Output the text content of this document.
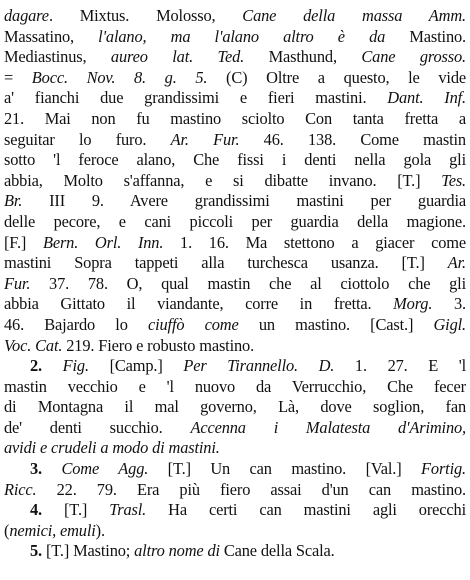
dagare. Mixtus. Molosso, Cane della massa Amm.
Massatino, l'alano, ma l'alano altro è da Mastino.
Mediastinus, aureo lat. Ted. Masthund, Cane grosso.
= Bocc. Nov. 8. g. 5. (C) Oltre a questo, le vide
a' fianchi due grandissimi e fieri mastini. Dant. Inf.
21. Mai non fu mastino sciolto Con tanta fretta a
seguitar lo furo. Ar. Fur. 46. 138. Come mastin
sotto 'l feroce alano, Che fissi i denti nella gola gli
abbia, Molto s'affanna, e si dibatte invano. [T.] Tes.
Br. III 9. Avere grandissimi mastini per guardia
delle pecore, e cani piccoli per guardia della magione.
[F.] Bern. Orl. Inn. 1. 16. Ma stettono a giacer come
mastini Sopra tappeti alla turchesca usanza. [T.] Ar.
Fur. 37. 78. O, qual mastin che al ciottolo che gli
abbia Gittato il viandante, corre in fretta. Morg. 3.
46. Bajardo lo ciuffò come un mastino. [Cast.] Gigl.
Voc. Cat. 219. Fiero e robusto mastino.
2. Fig. [Camp.] Per Tirannello. D. 1. 27. E 'l
mastin vecchio e 'l nuovo da Verrucchio, Che fecer
di Montagna il mal governo, Là, dove soglion, fan
de' denti succhio. Accenna i Malatesta d'Arimino,
avidi e crudeli a modo di mastini.
3. Come Agg. [T.] Un can mastino. [Val.] Fortig.
Ricc. 22. 79. Era più fiero assai d'un can mastino.
4. [T.] Trasl. Ha certi can mastini agli orecchi
(nemici, emuli).
5. [T.] Mastino; altro nome di Cane della Scala.
